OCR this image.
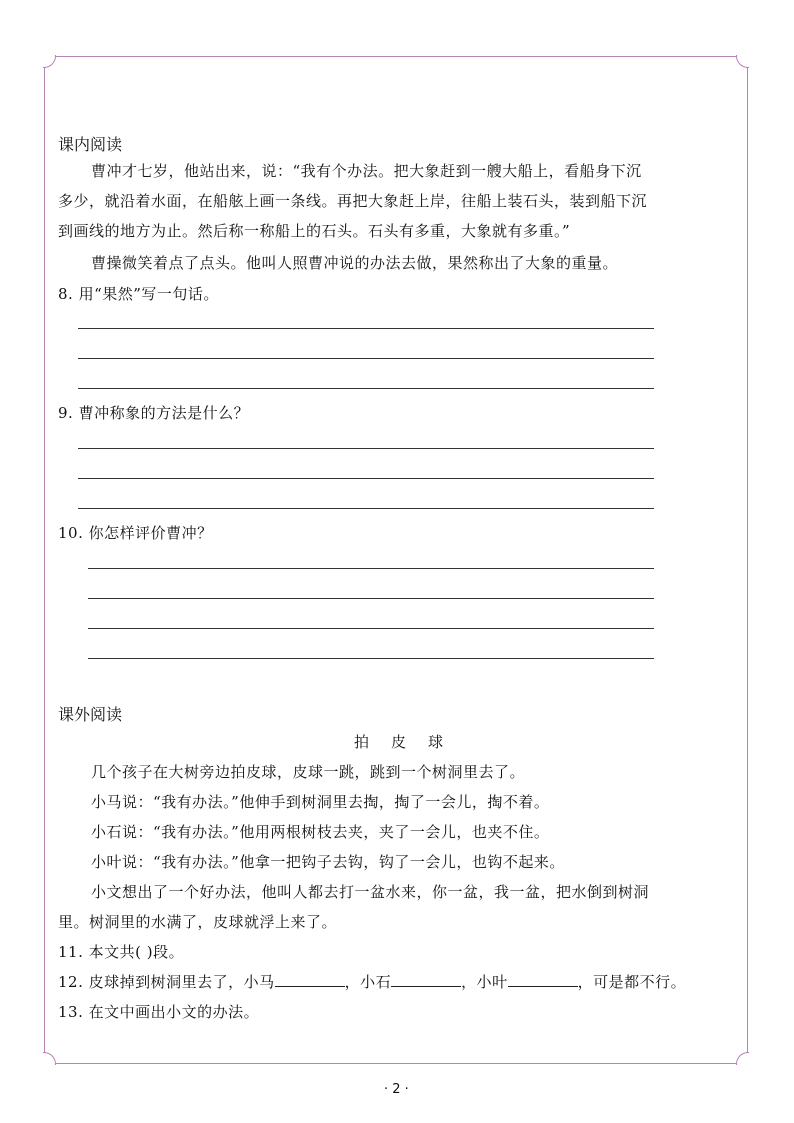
课内阅读
曹冲才七岁，他站出来，说：“我有个办法。把大象赶到一艘大船上，看船身下沉
多少，就沿着水面，在船舷上画一条线。再把大象赶上岸，往船上装石头，装到船下沉
到画线的地方为止。然后称一称船上的石头。石头有多重，大象就有多重。”
曹操微笑着点了点头。他叫人照曹冲说的办法去做，果然称出了大象的重量。
8. 用“果然”写一句话。
9. 曹冲称象的方法是什么？
10. 你怎样评价曹冲？
课外阅读
拍皮球
几个孩子在大树旁边拍皮球，皮球一跳，跳到一个树洞里去了。
小马说：“我有办法。”他伸手到树洞里去掏，掏了一会儿，掏不着。
小石说：“我有办法。”他用两根树枝去夹，夹了一会儿，也夹不住。
小叶说：“我有办法。”他拿一把钩子去钩，钩了一会儿，也钩不起来。
小文想出了一个好办法，他叫人都去打一盆水来，你一盆，我一盆，把水倒到树洞
里。树洞里的水满了，皮球就浮上来了。
11. 本文共( )段。
12. 皮球掉到树洞里去了，小马	，小石	，小叶	，可是都不行。
13. 在文中画出小文的办法。
· 2 ·
